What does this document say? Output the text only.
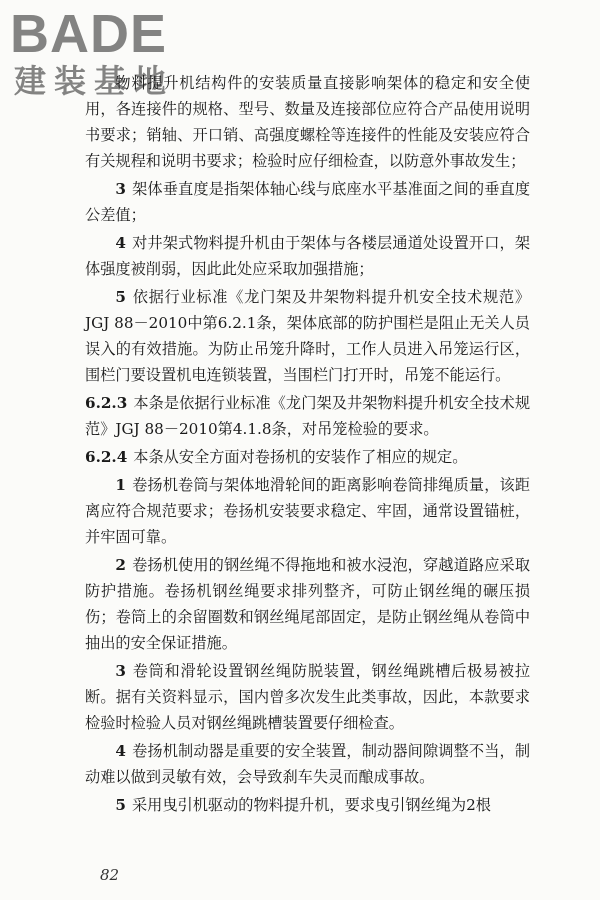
BADE
建装基地

物料提升机结构件的安装质量直接影响架体的稳定和安全使用，各连接件的规格、型号、数量及连接部位应符合产品使用说明书要求；销轴、开口销、高强度螺栓等连接件的性能及安装应符合有关规程和说明书要求；检验时应仔细检查，以防意外事故发生；

3 架体垂直度是指架体轴心线与底座水平基准面之间的垂直度公差值；

4 对井架式物料提升机由于架体与各楼层通道处设置开口，架体强度被削弱，因此此处应采取加强措施；

5 依据行业标准《龙门架及井架物料提升机安全技术规范》JGJ 88－2010中第6.2.1条，架体底部的防护围栏是阻止无关人员误入的有效措施。为防止吊笼升降时，工作人员进入吊笼运行区，围栏门要设置机电连锁装置，当围栏门打开时，吊笼不能运行。

6.2.3 本条是依据行业标准《龙门架及井架物料提升机安全技术规范》JGJ 88－2010第4.1.8条，对吊笼检验的要求。

6.2.4 本条从安全方面对卷扬机的安装作了相应的规定。

1 卷扬机卷筒与架体地滑轮间的距离影响卷筒排绳质量，该距离应符合规范要求；卷扬机安装要求稳定、牢固，通常设置锚桩，并牢固可靠。

2 卷扬机使用的钢丝绳不得拖地和被水浸泡，穿越道路应采取防护措施。卷扬机钢丝绳要求排列整齐，可防止钢丝绳的碾压损伤；卷筒上的余留圈数和钢丝绳尾部固定，是防止钢丝绳从卷筒中抽出的安全保证措施。

3 卷筒和滑轮设置钢丝绳防脱装置，钢丝绳跳槽后极易被拉断。据有关资料显示，国内曾多次发生此类事故，因此，本款要求检验时检验人员对钢丝绳跳槽装置要仔细检查。

4 卷扬机制动器是重要的安全装置，制动器间隙调整不当，制动难以做到灵敏有效，会导致刹车失灵而酿成事故。

5 采用曳引机驱动的物料提升机，要求曳引钢丝绳为2根

82
